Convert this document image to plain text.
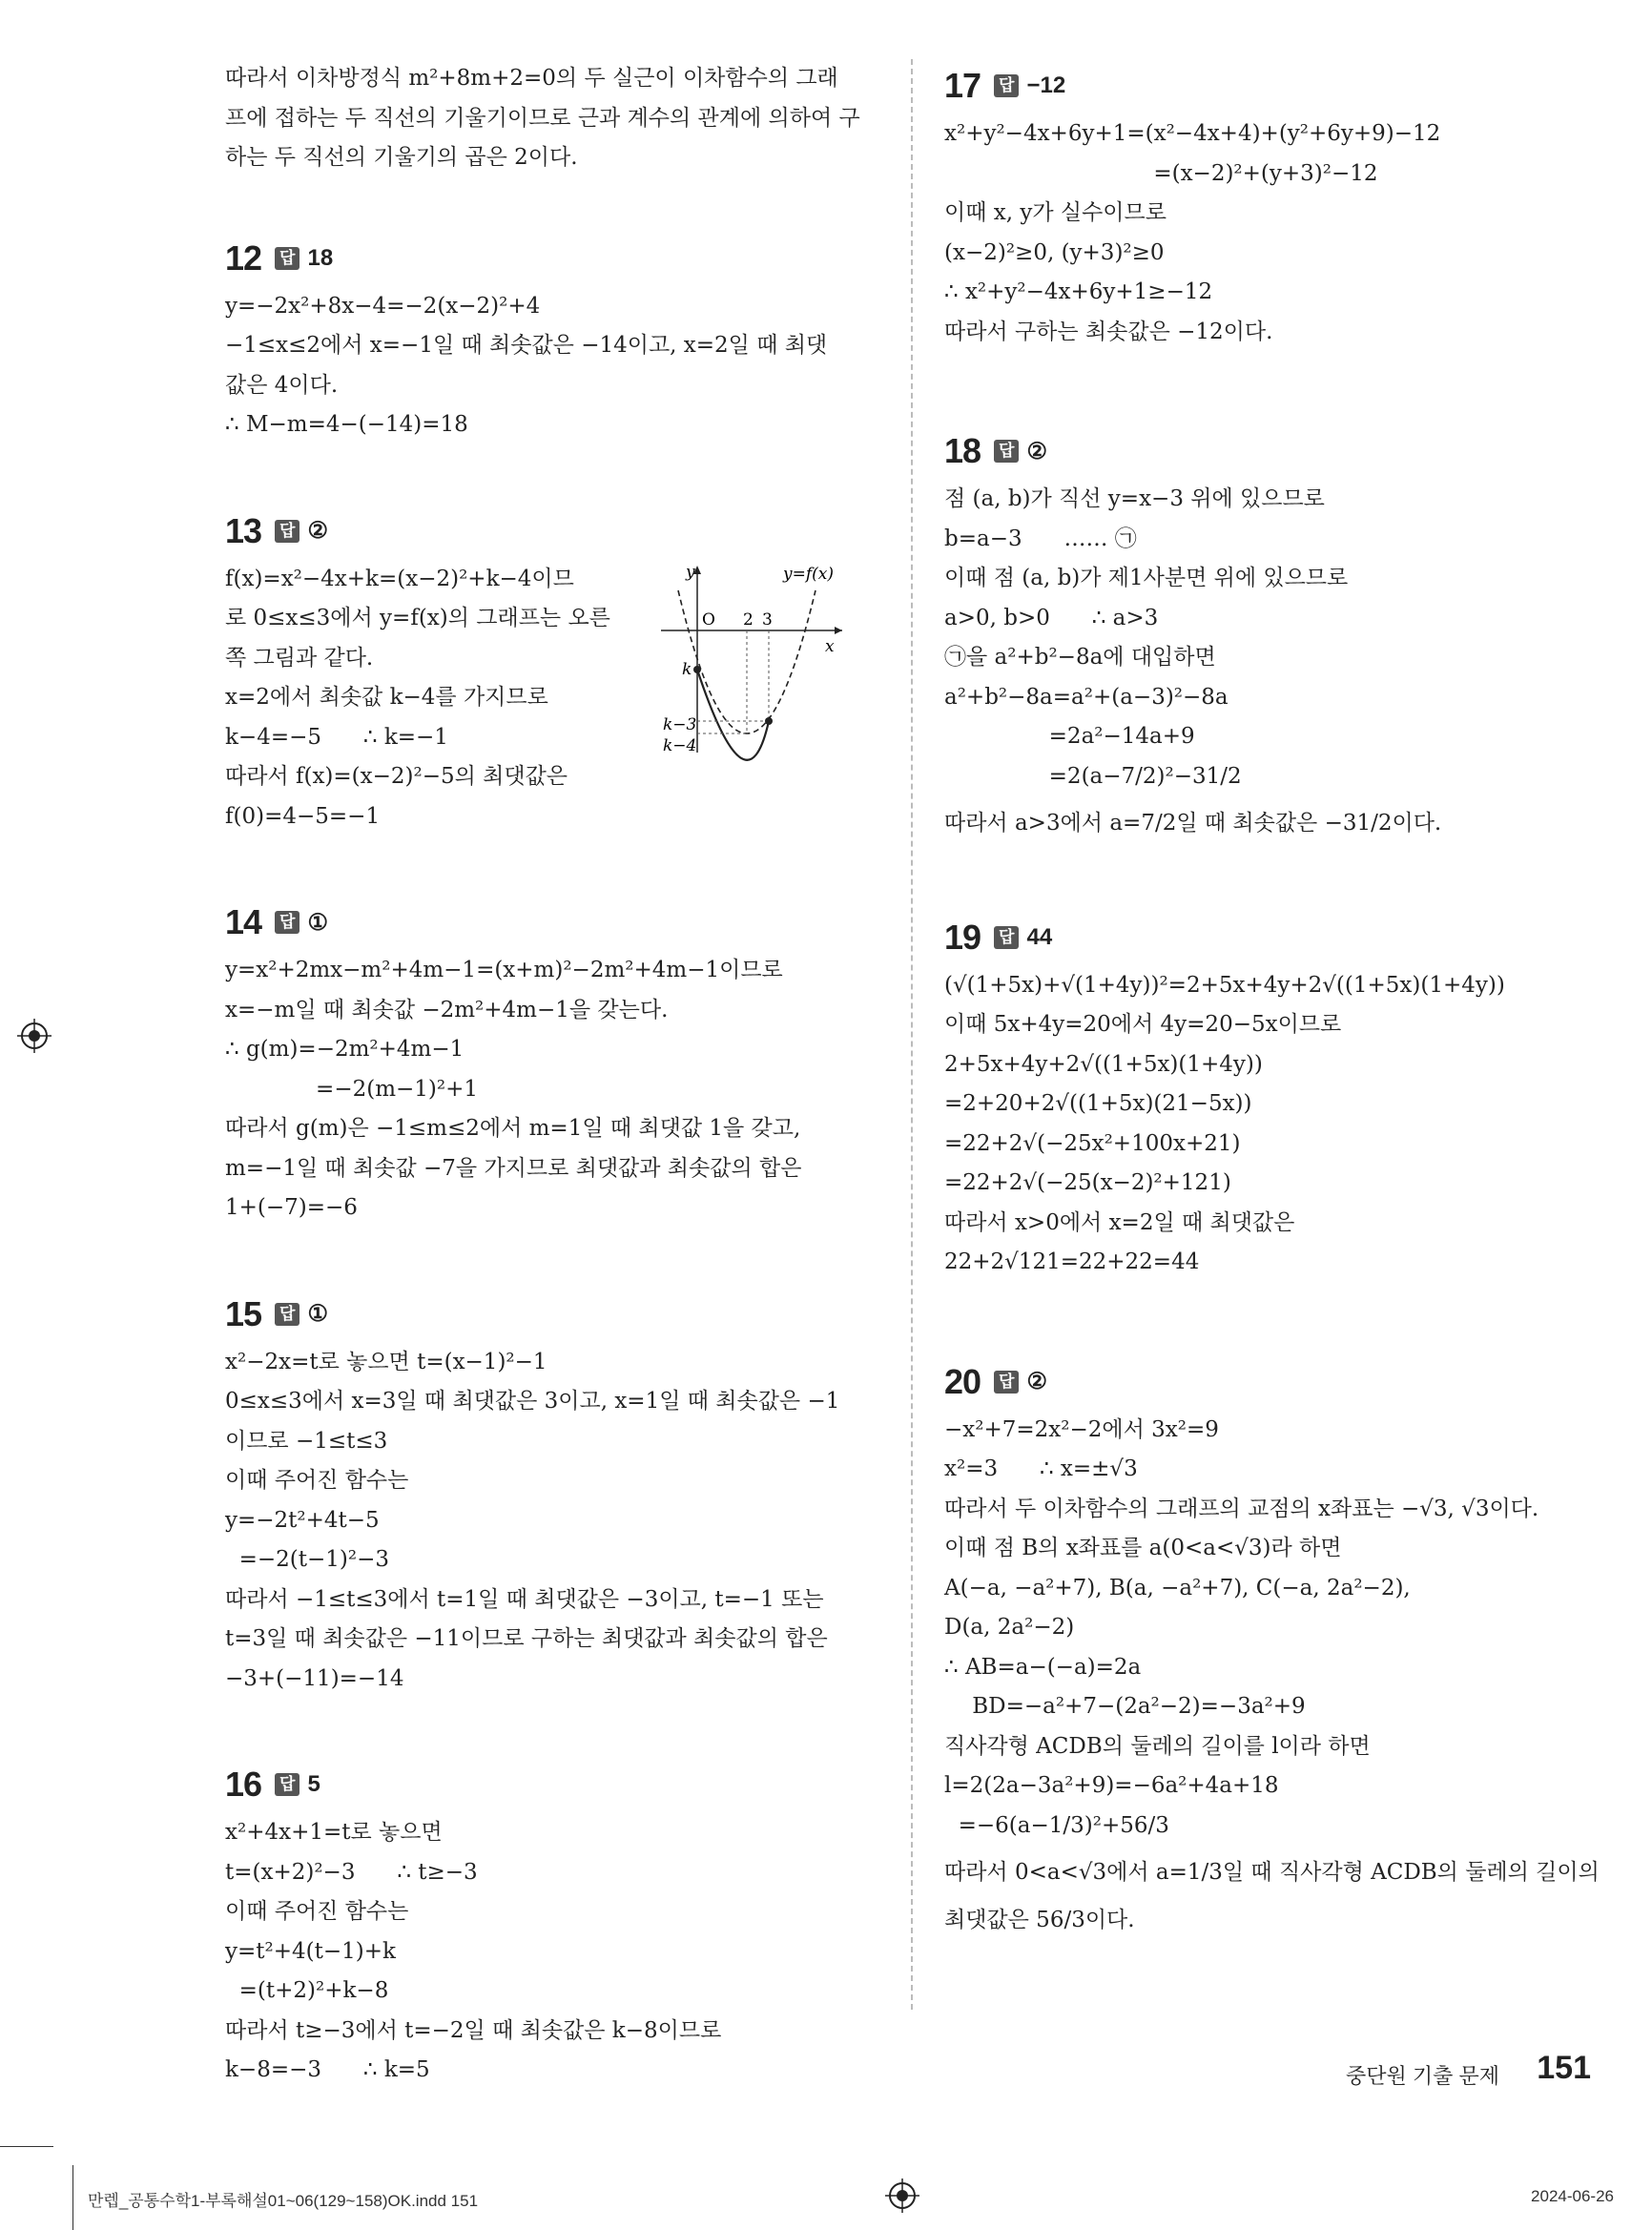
따라서 이차방정식 m²+8m+2=0의 두 실근이 이차함수의 그래
프에 접하는 두 직선의 기울기이므로 근과 계수의 관계에 의하여 구
하는 두 직선의 기울기의 곱은 2이다.
12 답 18
y=−2x²+8x−4=−2(x−2)²+4
−1≤x≤2에서 x=−1일 때 최솟값은 −14이고, x=2일 때 최댓
값은 4이다.
∴ M−m=4−(−14)=18
13 답 ②
f(x)=x²−4x+k=(x−2)²+k−4이므
로 0≤x≤3에서 y=f(x)의 그래프는 오른
쪽 그림과 같다.
x=2에서 최솟값 k−4를 가지므로
k−4=−5      ∴ k=−1
따라서 f(x)=(x−2)²−5의 최댓값은
f(0)=4−5=−1
y
x
y=f(x)
O 2 3
k
k−3
k−4
14 답 ①
y=x²+2mx−m²+4m−1=(x+m)²−2m²+4m−1이므로
x=−m일 때 최솟값 −2m²+4m−1을 갖는다.
∴ g(m)=−2m²+4m−1
=−2(m−1)²+1
따라서 g(m)은 −1≤m≤2에서 m=1일 때 최댓값 1을 갖고,
m=−1일 때 최솟값 −7을 가지므로 최댓값과 최솟값의 합은
1+(−7)=−6
15 답 ①
x²−2x=t로 놓으면 t=(x−1)²−1
0≤x≤3에서 x=3일 때 최댓값은 3이고, x=1일 때 최솟값은 −1
이므로 −1≤t≤3
이때 주어진 함수는
y=−2t²+4t−5
=−2(t−1)²−3
따라서 −1≤t≤3에서 t=1일 때 최댓값은 −3이고, t=−1 또는
t=3일 때 최솟값은 −11이므로 구하는 최댓값과 최솟값의 합은
−3+(−11)=−14
16 답 5
x²+4x+1=t로 놓으면
t=(x+2)²−3      ∴ t≥−3
이때 주어진 함수는
y=t²+4(t−1)+k
=(t+2)²+k−8
따라서 t≥−3에서 t=−2일 때 최솟값은 k−8이므로
k−8=−3      ∴ k=5
17 답 −12
x²+y²−4x+6y+1=(x²−4x+4)+(y²+6y+9)−12
=(x−2)²+(y+3)²−12
이때 x, y가 실수이므로
(x−2)²≥0, (y+3)²≥0
∴ x²+y²−4x+6y+1≥−12
따라서 구하는 최솟값은 −12이다.
18 답 ②
점 (a, b)가 직선 y=x−3 위에 있으므로
b=a−3      …… ㉠
이때 점 (a, b)가 제1사분면 위에 있으므로
a>0, b>0      ∴ a>3
㉠을 a²+b²−8a에 대입하면
a²+b²−8a=a²+(a−3)²−8a
=2a²−14a+9
=2(a−7/2)²−31/2
따라서 a>3에서 a=7/2일 때 최솟값은 −31/2이다.
19 답 44
(√(1+5x)+√(1+4y))²=2+5x+4y+2√((1+5x)(1+4y))
이때 5x+4y=20에서 4y=20−5x이므로
2+5x+4y+2√((1+5x)(1+4y))
=2+20+2√((1+5x)(21−5x))
=22+2√(−25x²+100x+21)
=22+2√(−25(x−2)²+121)
따라서 x>0에서 x=2일 때 최댓값은
22+2√121=22+22=44
20 답 ②
−x²+7=2x²−2에서 3x²=9
x²=3      ∴ x=±√3
따라서 두 이차함수의 그래프의 교점의 x좌표는 −√3, √3이다.
이때 점 B의 x좌표를 a(0<a<√3)라 하면
A(−a, −a²+7), B(a, −a²+7), C(−a, 2a²−2),
D(a, 2a²−2)
∴ AB=a−(−a)=2a
BD=−a²+7−(2a²−2)=−3a²+9
직사각형 ACDB의 둘레의 길이를 l이라 하면
l=2(2a−3a²+9)=−6a²+4a+18
=−6(a−1/3)²+56/3
따라서 0<a<√3에서 a=1/3일 때 직사각형 ACDB의 둘레의 길이의
최댓값은 56/3이다.
중단원 기출 문제 151
만렙_공통수학1-부록해설01~06(129~158)OK.indd 151	2024-06-26
